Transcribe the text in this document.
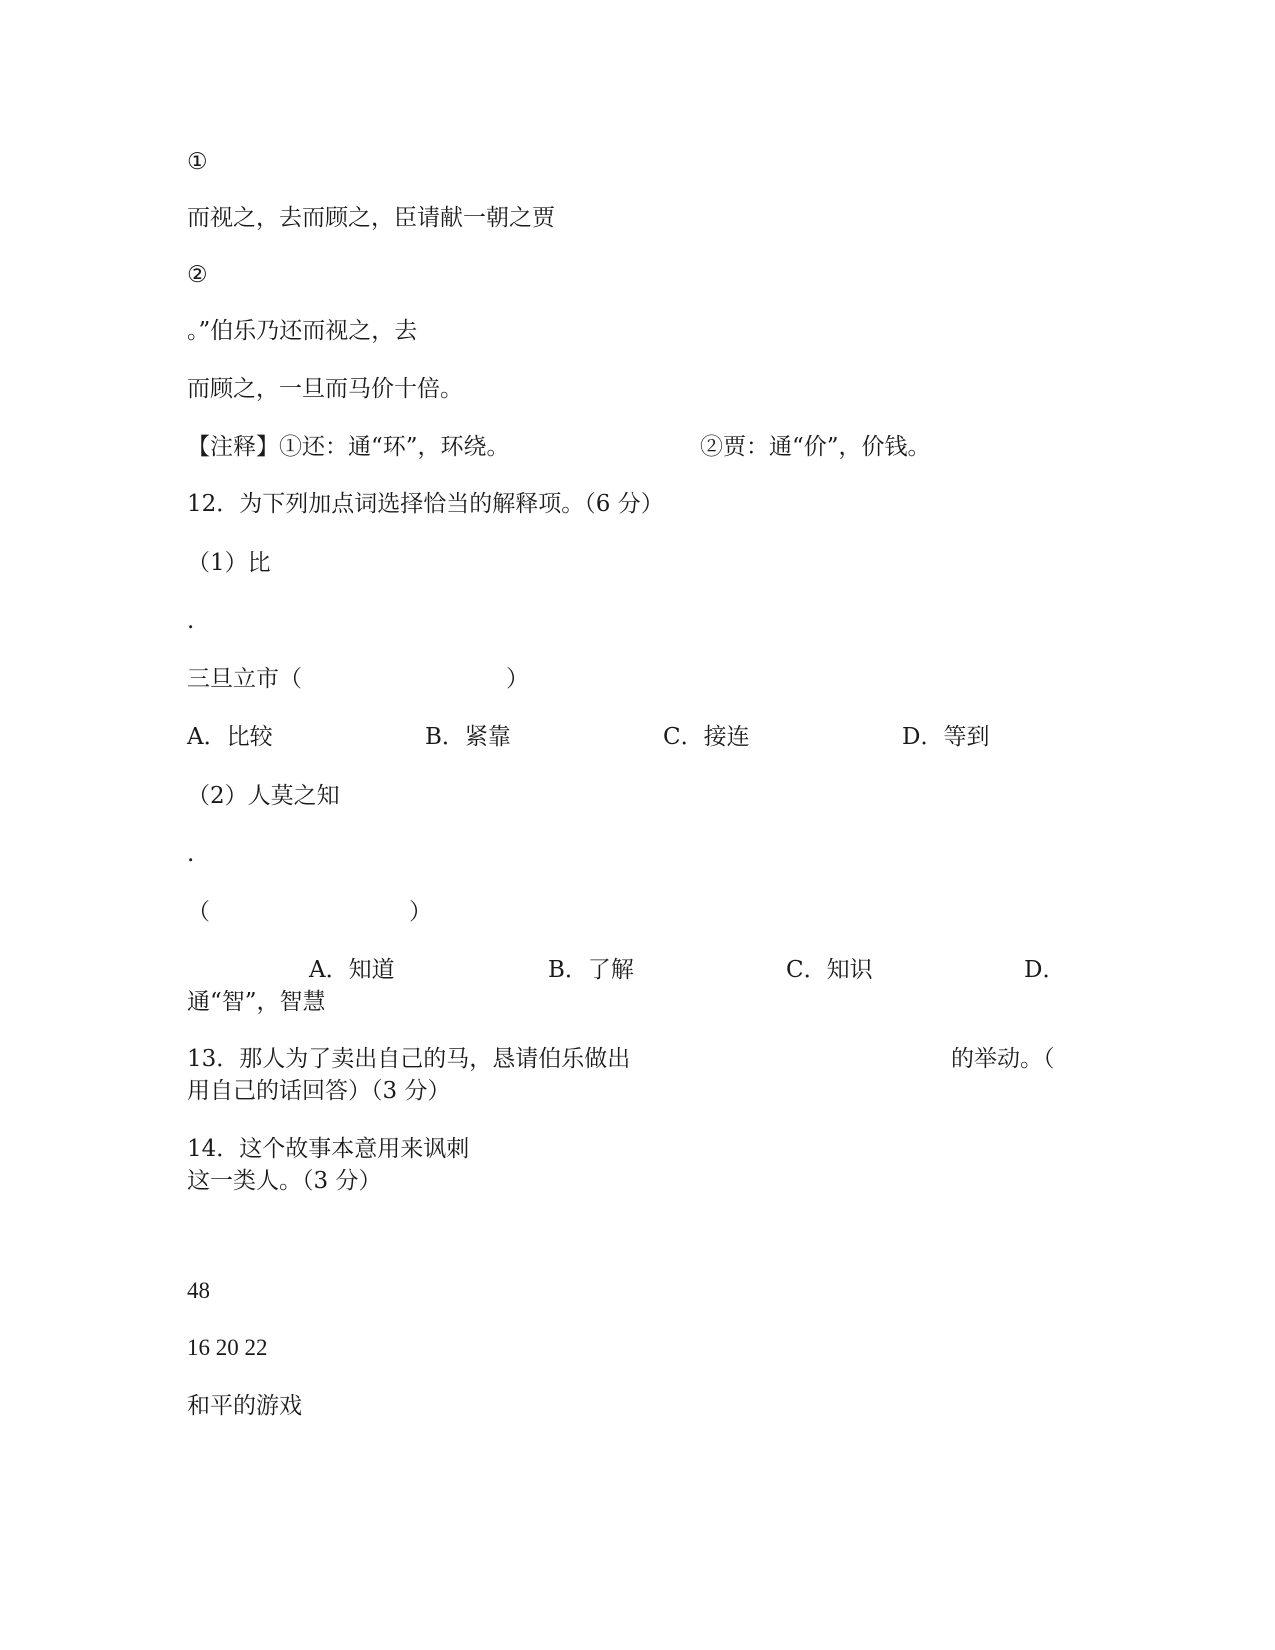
①
而视之，去而顾之，臣请献一朝之贾
②
。”伯乐乃还而视之，去
而顾之，一旦而马价十倍。
【注释】①还：通“环”，环绕。	②贾：通“价”，价钱。
12．为下列加点词选择恰当的解释项。（6 分）
（1）比
.
三旦立市（	）
A．比较	B．紧靠	C．接连	D．等到
（2）人莫之知
.
（	）
A．知道	B．了解	C．知识	D．
通“智”，智慧
13．那人为了卖出自己的马，恳请伯乐做出	的举动。（
用自己的话回答）（3 分）
14．这个故事本意用来讽刺
这一类人。（3 分）
48
16 20 22
和平的游戏
